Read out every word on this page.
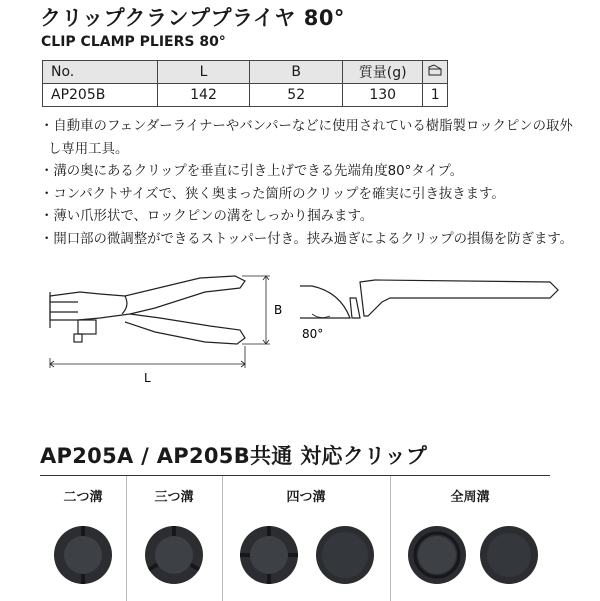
クリップクランププライヤ 80°
CLIP CLAMP PLIERS 80°
No.	L	B	質量(g)	
AP205B	142	52	130	1
・自動車のフェンダーライナーやバンパーなどに使用されている樹脂製ロックピンの取外し専用工具。
・溝の奥にあるクリップを垂直に引き上げできる先端角度80°タイプ。
・コンパクトサイズで、狭く奥まった箇所のクリップを確実に引き抜きます。
・薄い爪形状で、ロックピンの溝をしっかり掴みます。
・開口部の微調整ができるストッパー付き。挟み過ぎによるクリップの損傷を防ぎます。
B
L
80°
AP205A / AP205B共通 対応クリップ
二つ溝	三つ溝	四つ溝	全周溝
